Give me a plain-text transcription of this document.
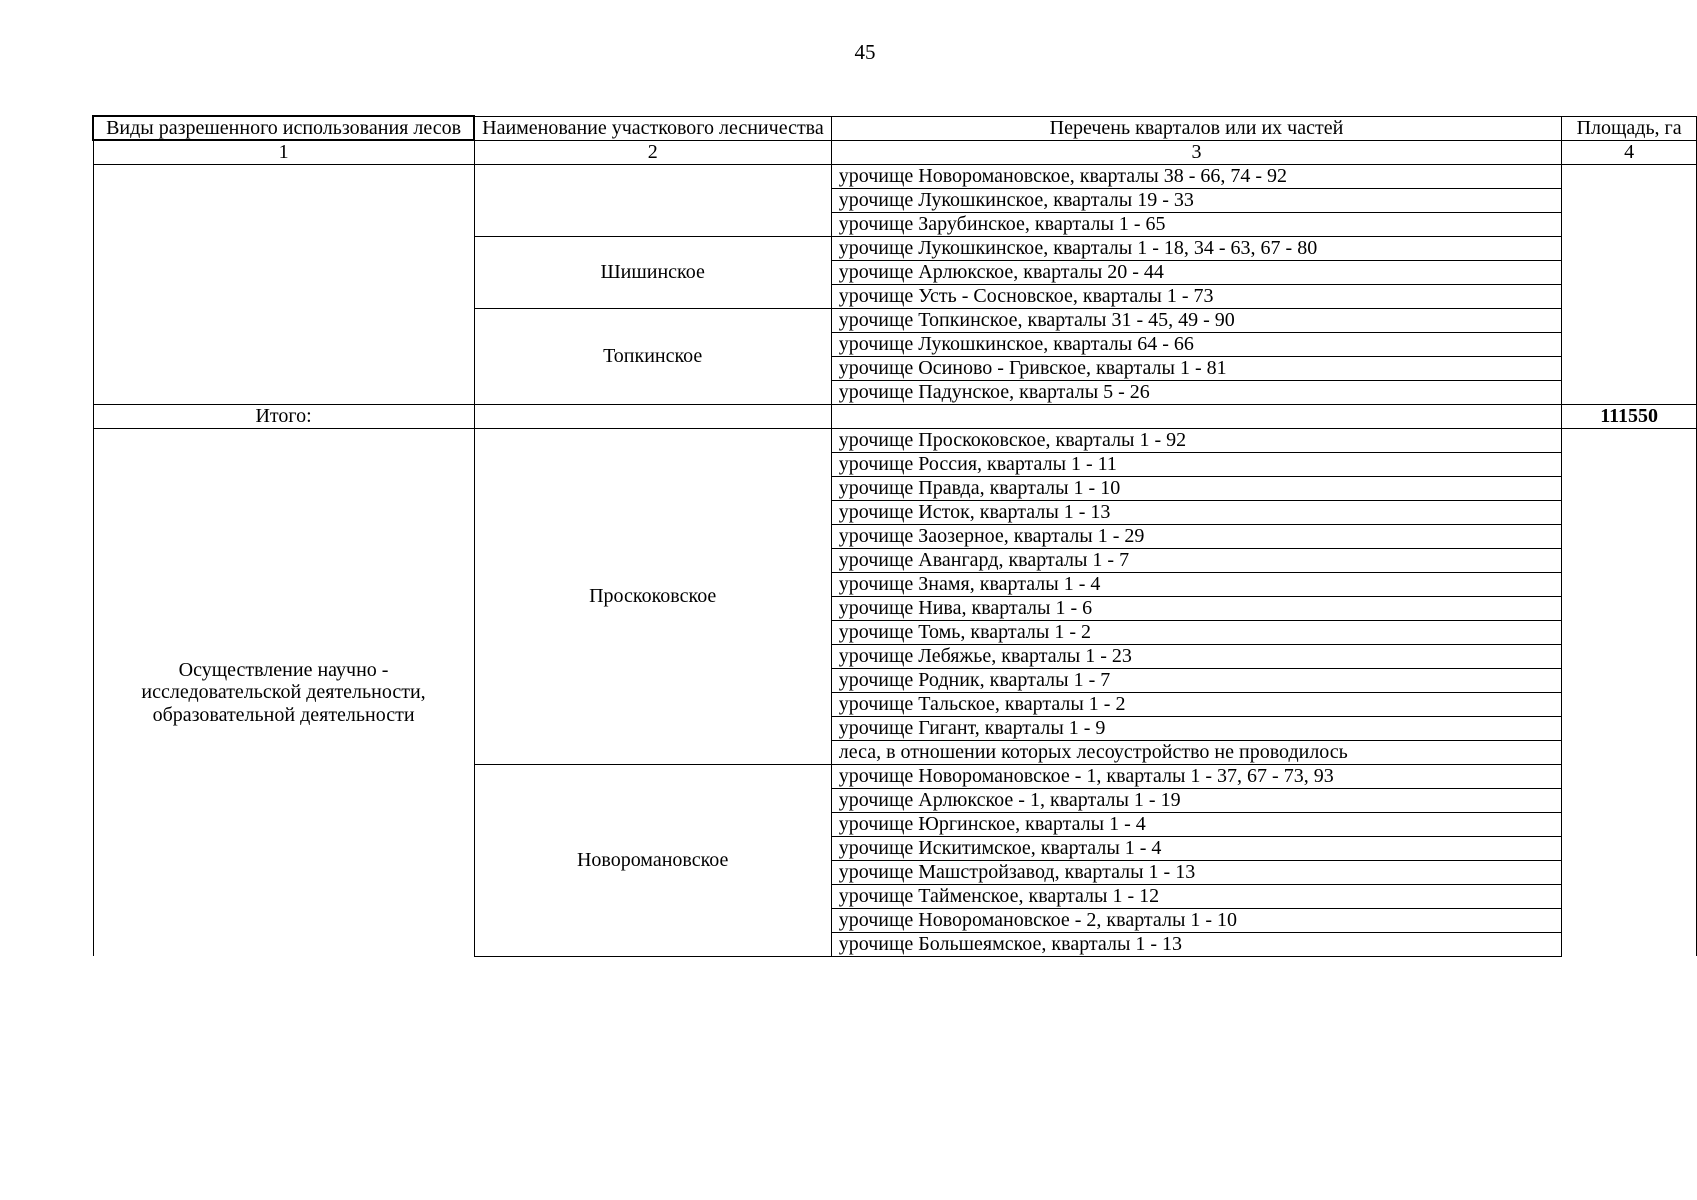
45
Виды разрешенного использования лесов	Наименование участкового лесничества	Перечень кварталов или их частей	Площадь, га
1	2	3	4
		урочище Новоромановское, кварталы 38 - 66, 74 - 92	
		урочище Лукошкинское, кварталы 19 - 33	
		урочище Зарубинское, кварталы 1 - 65	
	Шишинское	урочище Лукошкинское, кварталы 1 - 18, 34 - 63, 67 - 80	
		урочище Арлюкское, кварталы 20 - 44	
		урочище Усть - Сосновское, кварталы 1 - 73	
	Топкинское	урочище Топкинское, кварталы 31 - 45, 49 - 90	
		урочище Лукошкинское, кварталы 64 - 66	
		урочище Осиново - Гривское, кварталы 1 - 81	
		урочище Падунское, кварталы 5 - 26	
Итого:			111550
Осуществление научно - исследовательской деятельности, образовательной деятельности	Проскоковское	урочище Проскоковское, кварталы 1 - 92	
		урочище Россия, кварталы 1 - 11	
		урочище Правда, кварталы 1 - 10	
		урочище Исток, кварталы 1 - 13	
		урочище Заозерное, кварталы 1 - 29	
		урочище Авангард, кварталы 1 - 7	
		урочище Знамя, кварталы 1 - 4	
		урочище Нива, кварталы 1 - 6	
		урочище Томь, кварталы 1 - 2	
		урочище Лебяжье, кварталы 1 - 23	
		урочище Родник, кварталы 1 - 7	
		урочище Тальское, кварталы 1 - 2	
		урочище Гигант, кварталы 1 - 9	
		леса, в отношении которых лесоустройство не проводилось	
	Новоромановское	урочище Новоромановское - 1, кварталы 1 - 37, 67 - 73, 93	
		урочище Арлюкское - 1, кварталы 1 - 19	
		урочище Юргинское, кварталы 1 - 4	
		урочище Искитимское, кварталы 1 - 4	
		урочище Машстройзавод, кварталы 1 - 13	
		урочище Тайменское, кварталы 1 - 12	
		урочище Новоромановское - 2, кварталы 1 - 10	
		урочище Большеямское, кварталы 1 - 13	
